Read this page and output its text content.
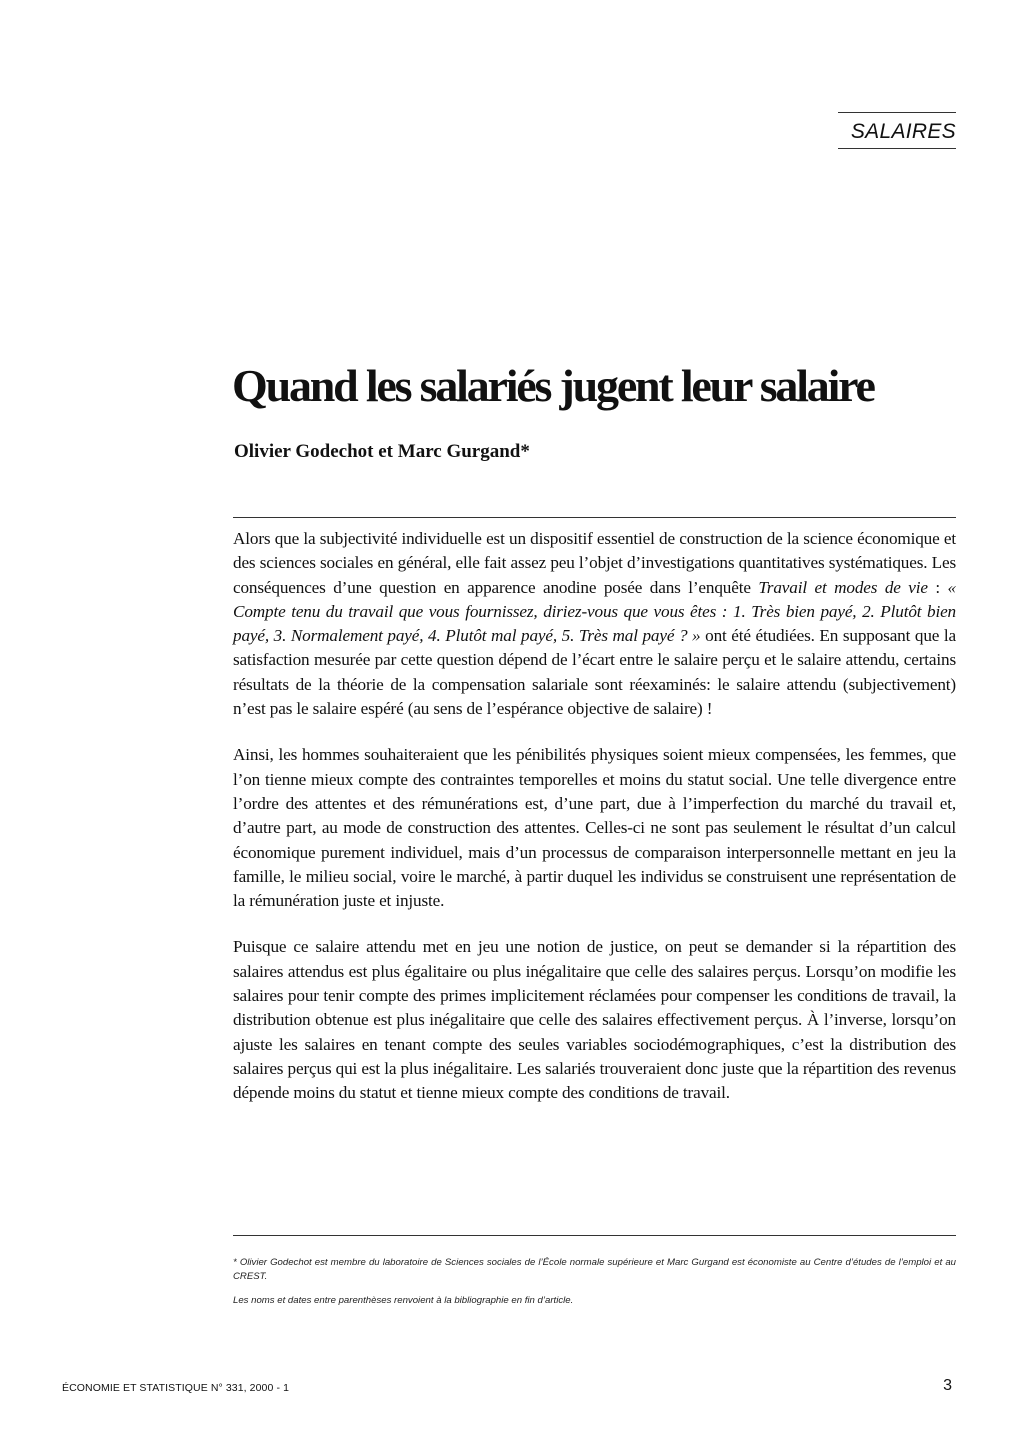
SALAIRES
Quand les salariés jugent leur salaire
Olivier Godechot et Marc Gurgand*

Alors que la subjectivité individuelle est un dispositif essentiel de construction de la science économique et des sciences sociales en général, elle fait assez peu l’objet d’investigations quantitatives systématiques. Les conséquences d’une question en apparence anodine posée dans l’enquête Travail et modes de vie : « Compte tenu du travail que vous fournissez, diriez-vous que vous êtes : 1. Très bien payé, 2. Plutôt bien payé, 3. Normalement payé, 4. Plutôt mal payé, 5. Très mal payé ? » ont été étudiées. En supposant que la satisfaction mesurée par cette question dépend de l’écart entre le salaire perçu et le salaire attendu, certains résultats de la théorie de la compensation salariale sont réexaminés: le salaire attendu (subjectivement) n’est pas le salaire espéré (au sens de l’espérance objective de salaire) !

Ainsi, les hommes souhaiteraient que les pénibilités physiques soient mieux compensées, les femmes, que l’on tienne mieux compte des contraintes temporelles et moins du statut social. Une telle divergence entre l’ordre des attentes et des rémunérations est, d’une part, due à l’imperfection du marché du travail et, d’autre part, au mode de construction des attentes. Celles-ci ne sont pas seulement le résultat d’un calcul économique purement individuel, mais d’un processus de comparaison interpersonnelle mettant en jeu la famille, le milieu social, voire le marché, à partir duquel les individus se construisent une représentation de la rémunération juste et injuste.

Puisque ce salaire attendu met en jeu une notion de justice, on peut se demander si la répartition des salaires attendus est plus égalitaire ou plus inégalitaire que celle des salaires perçus. Lorsqu’on modifie les salaires pour tenir compte des primes implicitement réclamées pour compenser les conditions de travail, la distribution obtenue est plus inégalitaire que celle des salaires effectivement perçus. À l’inverse, lorsqu’on ajuste les salaires en tenant compte des seules variables sociodémographiques, c’est la distribution des salaires perçus qui est la plus inégalitaire. Les salariés trouveraient donc juste que la répartition des revenus dépende moins du statut et tienne mieux compte des conditions de travail.

* Olivier Godechot est membre du laboratoire de Sciences sociales de l’École normale supérieure et Marc Gurgand est économiste au Centre d’études de l’emploi et au CREST.

Les noms et dates entre parenthèses renvoient à la bibliographie en fin d’article.

ÉCONOMIE ET STATISTIQUE N° 331, 2000 - 1	3
